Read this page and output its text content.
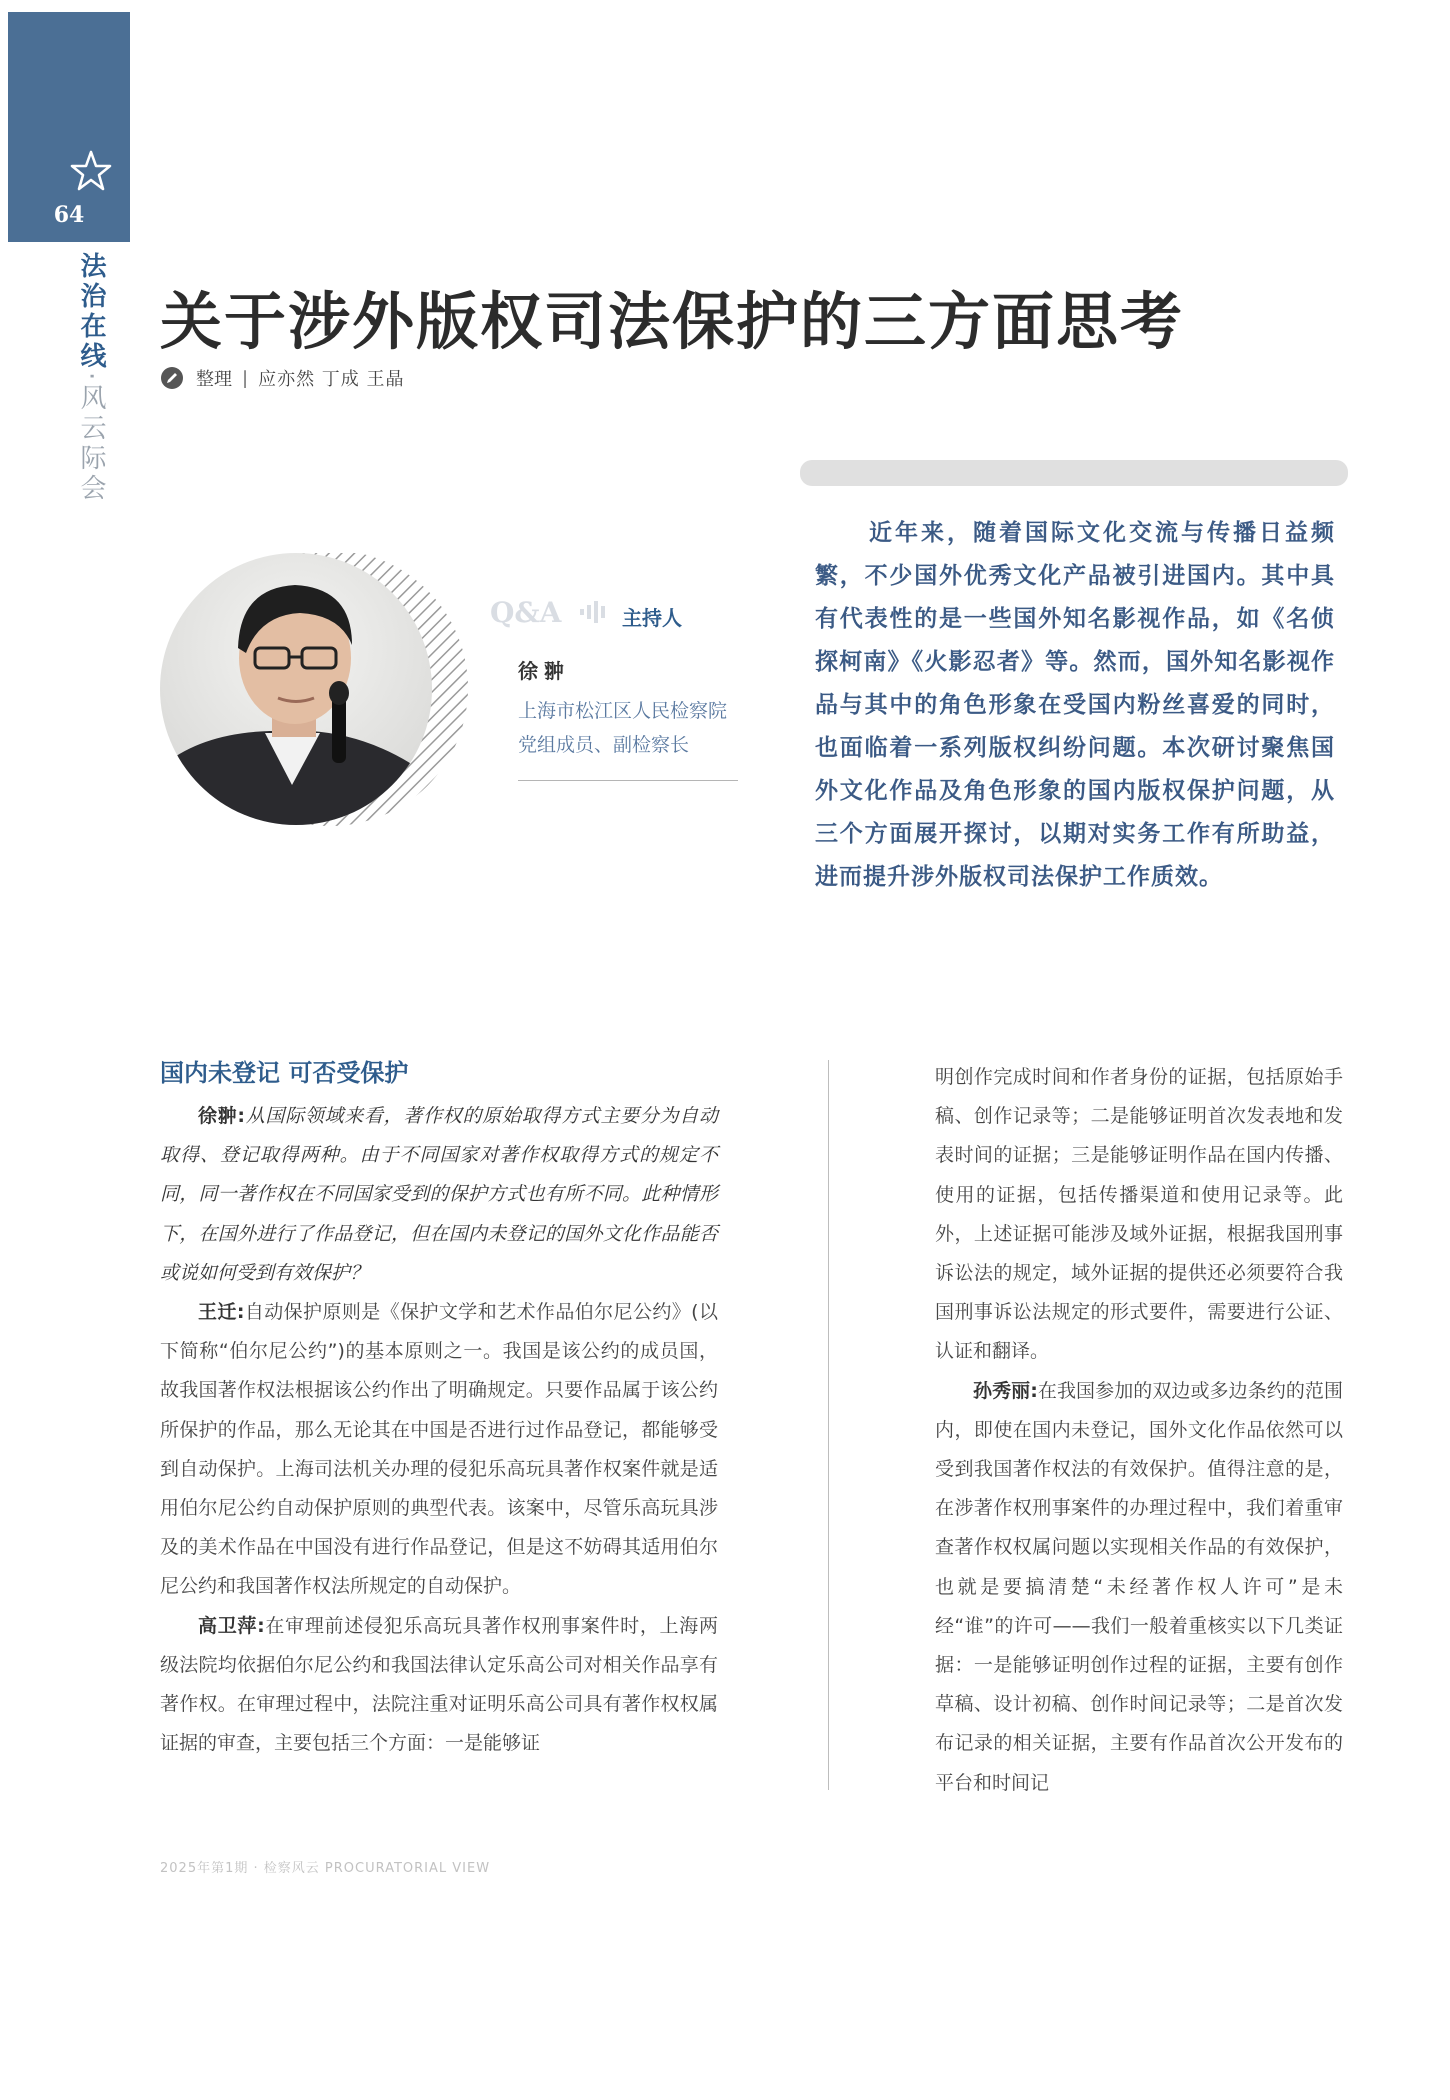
64
法治在线·风云际会
关于涉外版权司法保护的三方面思考
整理 | 应亦然 丁成 王晶
Q&A	主持人
徐翀
上海市松江区人民检察院
党组成员、副检察长
近年来，随着国际文化交流与传播日益频繁，不少国外优秀文化产品被引进国内。其中具有代表性的是一些国外知名影视作品，如《名侦探柯南》《火影忍者》等。然而，国外知名影视作品与其中的角色形象在受国内粉丝喜爱的同时，也面临着一系列版权纠纷问题。本次研讨聚焦国外文化作品及角色形象的国内版权保护问题，从三个方面展开探讨，以期对实务工作有所助益，进而提升涉外版权司法保护工作质效。
国内未登记 可否受保护

徐翀:从国际领域来看，著作权的原始取得方式主要分为自动取得、登记取得两种。由于不同国家对著作权取得方式的规定不同，同一著作权在不同国家受到的保护方式也有所不同。此种情形下，在国外进行了作品登记，但在国内未登记的国外文化作品能否或说如何受到有效保护？

王迁:自动保护原则是《保护文学和艺术作品伯尔尼公约》(以下简称“伯尔尼公约”)的基本原则之一。我国是该公约的成员国，故我国著作权法根据该公约作出了明确规定。只要作品属于该公约所保护的作品，那么无论其在中国是否进行过作品登记，都能够受到自动保护。上海司法机关办理的侵犯乐高玩具著作权案件就是适用伯尔尼公约自动保护原则的典型代表。该案中，尽管乐高玩具涉及的美术作品在中国没有进行作品登记，但是这不妨碍其适用伯尔尼公约和我国著作权法所规定的自动保护。

高卫萍:在审理前述侵犯乐高玩具著作权刑事案件时，上海两级法院均依据伯尔尼公约和我国法律认定乐高公司对相关作品享有著作权。在审理过程中，法院注重对证明乐高公司具有著作权权属证据的审查，主要包括三个方面：一是能够证

明创作完成时间和作者身份的证据，包括原始手稿、创作记录等；二是能够证明首次发表地和发表时间的证据；三是能够证明作品在国内传播、使用的证据，包括传播渠道和使用记录等。此外，上述证据可能涉及域外证据，根据我国刑事诉讼法的规定，域外证据的提供还必须要符合我国刑事诉讼法规定的形式要件，需要进行公证、认证和翻译。

孙秀丽:在我国参加的双边或多边条约的范围内，即使在国内未登记，国外文化作品依然可以受到我国著作权法的有效保护。值得注意的是，在涉著作权刑事案件的办理过程中，我们着重审查著作权权属问题以实现相关作品的有效保护，也就是要搞清楚“未经著作权人许可”是未经“谁”的许可——我们一般着重核实以下几类证据：一是能够证明创作过程的证据，主要有创作草稿、设计初稿、创作时间记录等；二是首次发布记录的相关证据，主要有作品首次公开发布的平台和时间记

2025年第1期 · 检察风云 PROCURATORIAL VIEW
